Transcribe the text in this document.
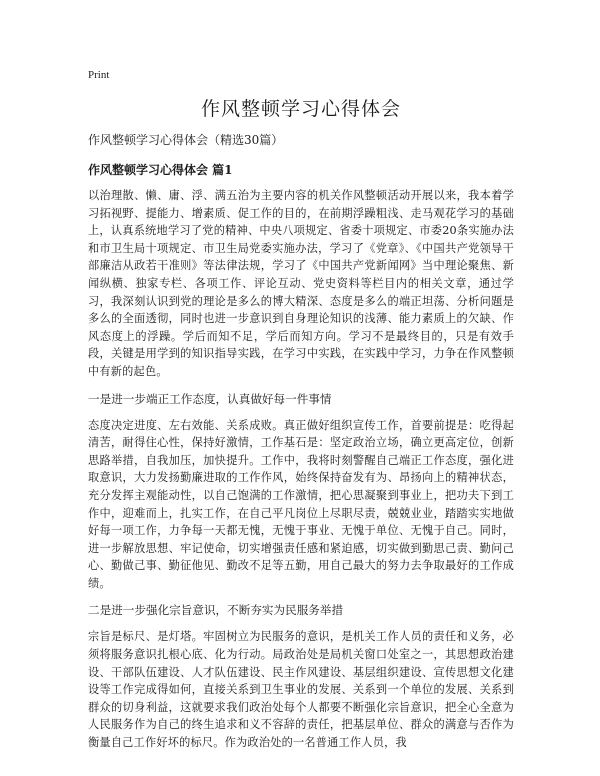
Print
作风整顿学习心得体会

作风整顿学习心得体会（精选30篇）

作风整顿学习心得体会 篇1

以治理散、懒、庸、浮、满五治为主要内容的机关作风整顿活动开展以来，我本着学习拓视野、提能力、增素质、促工作的目的，在前期浮躁粗浅、走马观花学习的基础上，认真系统地学习了党的精神、中央八项规定、省委十项规定、市委20条实施办法和市卫生局十项规定、市卫生局党委实施办法，学习了《党章》、《中国共产党领导干部廉洁从政若干准则》等法律法规，学习了《中国共产党新闻网》当中理论聚焦、新闻纵横、独家专栏、各项工作、评论互动、党史资料等栏目内的相关文章，通过学习，我深刻认识到党的理论是多么的博大精深、态度是多么的端正坦荡、分析问题是多么的全面透彻，同时也进一步意识到自身理论知识的浅薄、能力素质上的欠缺、作风态度上的浮躁。学后而知不足，学后而知方向。学习不是最终目的，只是有效手段，关键是用学到的知识指导实践，在学习中实践，在实践中学习，力争在作风整顿中有新的起色。

一是进一步端正工作态度，认真做好每一件事情

态度决定进度、左右效能、关系成败。真正做好组织宣传工作，首要前提是：吃得起清苦，耐得住心性，保持好激情，工作基石是：坚定政治立场，确立更高定位，创新思路举措，自我加压，加快提升。工作中，我将时刻警醒自己端正工作态度，强化进取意识，大力发扬勤廉进取的工作作风，始终保持奋发有为、昂扬向上的精神状态，充分发挥主观能动性，以自己饱满的工作激情，把心思凝聚到事业上，把功夫下到工作中，迎难而上，扎实工作，在自己平凡岗位上尽职尽责，兢兢业业，踏踏实实地做好每一项工作，力争每一天都无愧，无愧于事业、无愧于单位、无愧于自己。同时，进一步解放思想、牢记使命，切实增强责任感和紧迫感，切实做到勤思己责、勤问己心、勤做己事、勤征他见、勤改不足等五勤，用自己最大的努力去争取最好的工作成绩。

二是进一步强化宗旨意识，不断夯实为民服务举措

宗旨是标尺、是灯塔。牢固树立为民服务的意识，是机关工作人员的责任和义务，必须将服务意识扎根心底、化为行动。局政治处是局机关窗口处室之一，其思想政治建设、干部队伍建设、人才队伍建设、民主作风建设、基层组织建设、宣传思想文化建设等工作完成得如何，直接关系到卫生事业的发展、关系到一个单位的发展、关系到群众的切身利益，这就要求我们政治处每个人都要不断强化宗旨意识，把全心全意为人民服务作为自己的终生追求和义不容辞的责任，把基层单位、群众的满意与否作为衡量自己工作好坏的标尺。作为政治处的一名普通工作人员，我
